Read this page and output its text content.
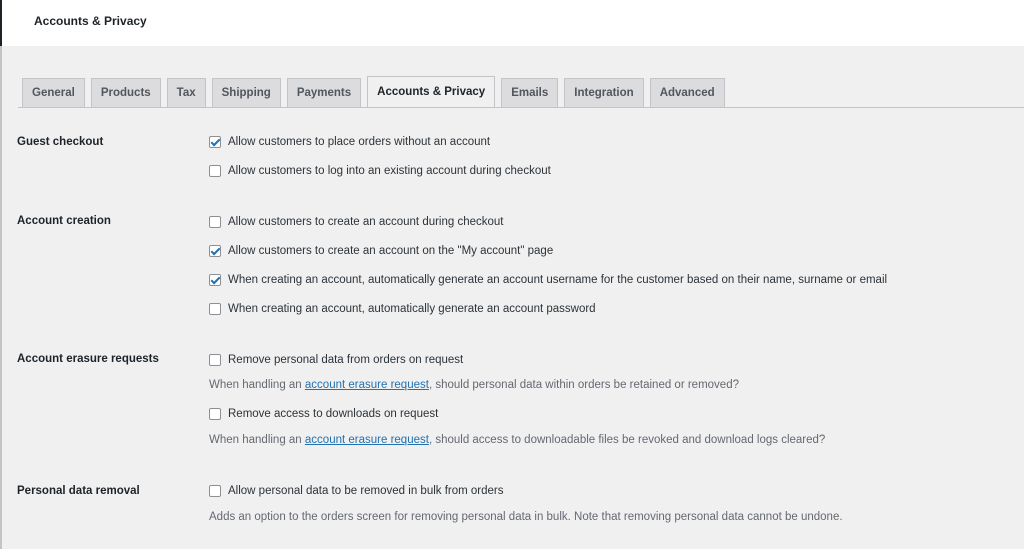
Accounts & Privacy
General	Products	Tax	Shipping	Payments	Accounts & Privacy	Emails	Integration	Advanced
Guest checkout	Allow customers to place orders without an account
Allow customers to log into an existing account during checkout
Account creation	Allow customers to create an account during checkout
Allow customers to create an account on the "My account" page
When creating an account, automatically generate an account username for the customer based on their name, surname or email
When creating an account, automatically generate an account password
Account erasure requests	Remove personal data from orders on request
When handling an account erasure request, should personal data within orders be retained or removed?
Remove access to downloads on request
When handling an account erasure request, should access to downloadable files be revoked and download logs cleared?
Personal data removal	Allow personal data to be removed in bulk from orders
Adds an option to the orders screen for removing personal data in bulk. Note that removing personal data cannot be undone.
